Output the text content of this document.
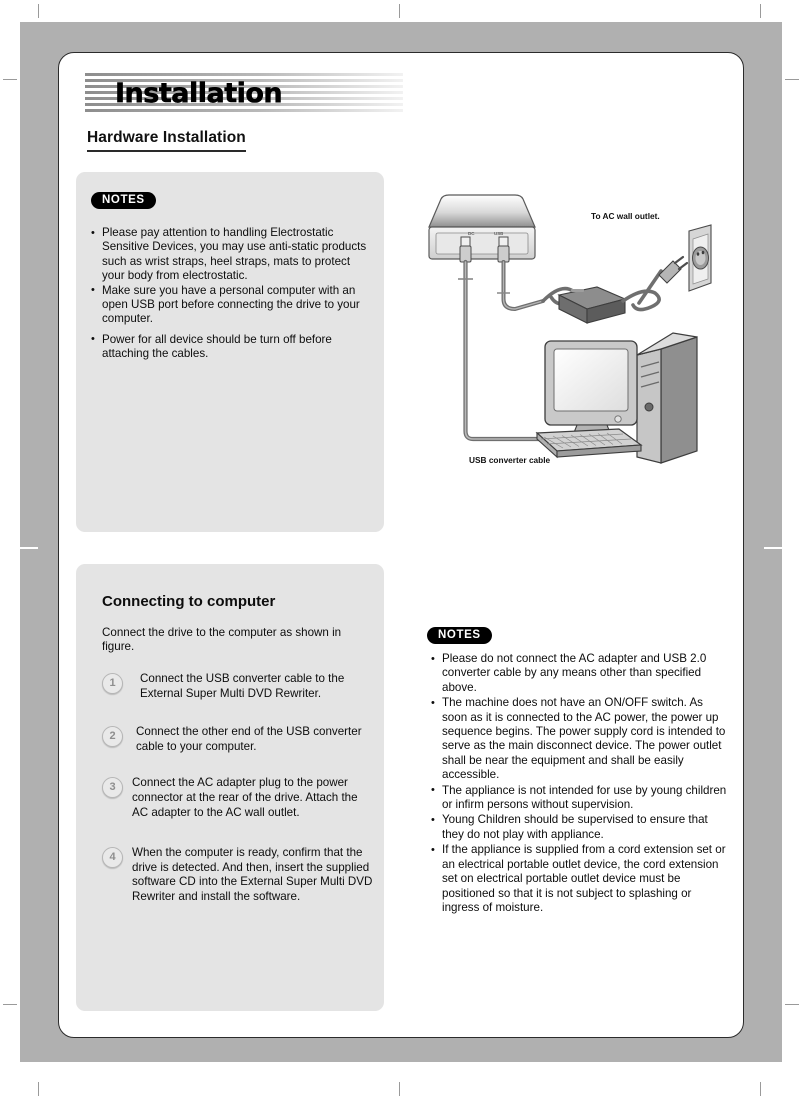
Installation
Hardware Installation
NOTES
• Please pay attention to handling Electrostatic Sensitive Devices, you may use anti-static products such as wrist straps, heel straps, mats to protect your body from electrostatic.
• Make sure you have a personal computer with an open USB port before connecting the drive to your computer.
• Power for all device should be turn off before attaching the cables.
DC	USB
To AC wall outlet.
USB converter cable
Connecting to computer
Connect the drive to the computer as shown in figure.
1	Connect the USB converter cable to the External Super Multi DVD Rewriter.
2	Connect the other end of the USB converter cable to your computer.
3	Connect the AC adapter plug to the power connector at the rear of the drive. Attach the AC adapter to the AC wall outlet.
4	When the computer is ready, confirm that the drive is detected. And then, insert the supplied software CD into the External Super Multi DVD Rewriter and install the software.
NOTES
• Please do not connect the AC adapter and USB 2.0 converter cable by any means other than specified above.
• The machine does not have an ON/OFF switch. As soon as it is connected to the AC power, the power up sequence begins. The power supply cord is intended to serve as the main disconnect device. The power outlet shall be near the equipment and shall be easily accessible.
• The appliance is not intended for use by young children or infirm persons without supervision.
• Young Children should be supervised to ensure that they do not play with appliance.
• If the appliance is supplied from a cord extension set or an electrical portable outlet device, the cord extension set on electrical portable outlet device must be positioned so that it is not subject to splashing or ingress of moisture.
